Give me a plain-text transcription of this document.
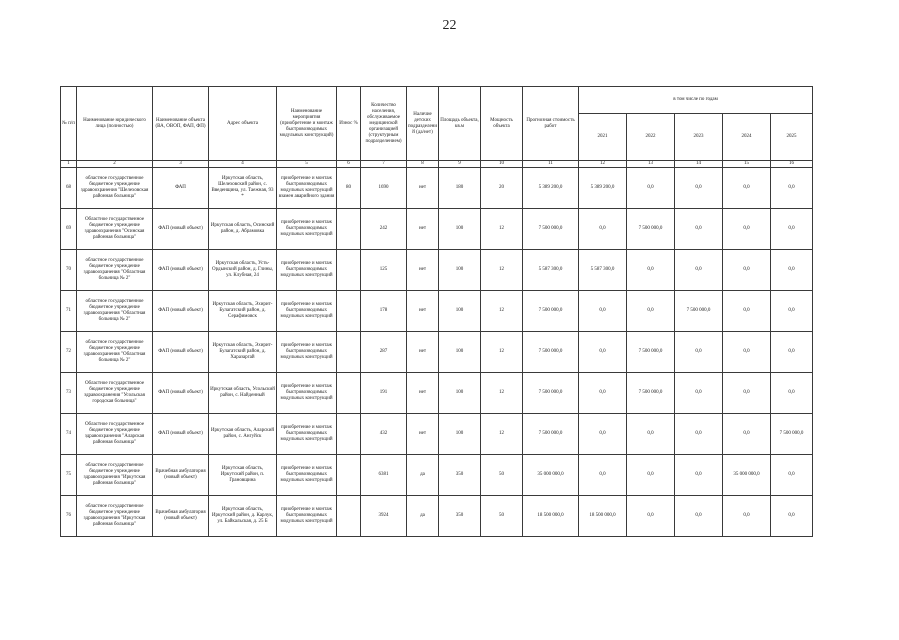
22
№ п/п	Наименование юридического лица (полностью)	Наименование объекта (ВА, ОВОП, ФАП, ФП)	Адрес объекта	Наименование мероприятия (приобретение и монтаж быстровозводимых модульных конструкций)	Износ %	Количество населения, обслуживаемое медицинской организацией (структурным подразделением)	Наличие детских подразделений (да/нет)	Площадь объекта, кв.м	Мощность объекта	Прогнозная стоимость работ	в том числе по годам				
											2021	2022	2023	2024	2025
1	2	3	4	5	6	7	8	9	10	11	12	13	14	15	16
68	областное государственное бюджетное учреждение здравоохранения "Шелеховская районная больница"	ФАП	Иркутская область, Шелеховский район, с. Введенщина, ул. Таежная, 93 *	приобретение и монтаж быстровозводимых модульных конструкций взамен аварийного здания	80	1690	нет	180	20	5 389 200,0	5 389 200,0	0,0	0,0	0,0	0,0
69	Областное государственное бюджетное учреждение здравоохранения "Осинская районная больница"	ФАП (новый объект)	Иркутская область, Осинский район, д. Абрамовка	приобретение и монтаж быстровозводимых модульных конструкций		242	нет	100	12	7 500 000,0	0,0	7 500 000,0	0,0	0,0	0,0
70	областное государственное бюджетное учреждение здравоохранения "Областная больница № 2"	ФАП (новый объект)	Иркутская область, Усть-Ордынский район, д. Глины, ул. Клубная, 24	приобретение и монтаж быстровозводимых модульных конструкций		125	нет	100	12	5 587 300,0	5 587 300,0	0,0	0,0	0,0	0,0
71	областное государственное бюджетное учреждение здравоохранения "Областная больница № 2"	ФАП (новый объект)	Иркутская область, Эхирит-Булагатский район, д. Серафимовск	приобретение и монтаж быстровозводимых модульных конструкций		178	нет	100	12	7 500 000,0	0,0	0,0	7 500 000,0	0,0	0,0
72	областное государственное бюджетное учреждение здравоохранения "Областная больница № 2"	ФАП (новый объект)	Иркутская область, Эхирит-Булагатский район, д. Харазаргай	приобретение и монтаж быстровозводимых модульных конструкций		287	нет	100	12	7 500 000,0	0,0	7 500 000,0	0,0	0,0	0,0
73	Областное государственное бюджетное учреждение здравоохранения "Усольская городская больница"	ФАП (новый объект)	Иркутская область, Усольский район, с. Найденный	приобретение и монтаж быстровозводимых модульных конструкций		191	нет	100	12	7 500 000,0	0,0	7 500 000,0	0,0	0,0	0,0
74	Областное государственное бюджетное учреждение здравоохранения "Аларская районная больница"	ФАП (новый объект)	Иркутская область, Аларский район, с. Ангуйск	приобретение и монтаж быстровозводимых модульных конструкций		432	нет	100	12	7 500 000,0	0,0	0,0	0,0	0,0	7 500 000,0
75	областное государственное бюджетное учреждение здравоохранения "Иркутская районная больница"	Врачебная амбулатория (новый объект)	Иркутская область, Иркутский район, п. Грановщина	приобретение и монтаж быстровозводимых модульных конструкций		6381	да	350	50	35 000 000,0	0,0	0,0	0,0	35 000 000,0	0,0
76	областное государственное бюджетное учреждение здравоохранения "Иркутская районная больница"	Врачебная амбулатория (новый объект)	Иркутская область, Иркутский район, д. Карлук, ул. Байкальская, д. 25 Б	приобретение и монтаж быстровозводимых модульных конструкций		3924	да	350	50	18 500 000,0	18 500 000,0	0,0	0,0	0,0	0,0
